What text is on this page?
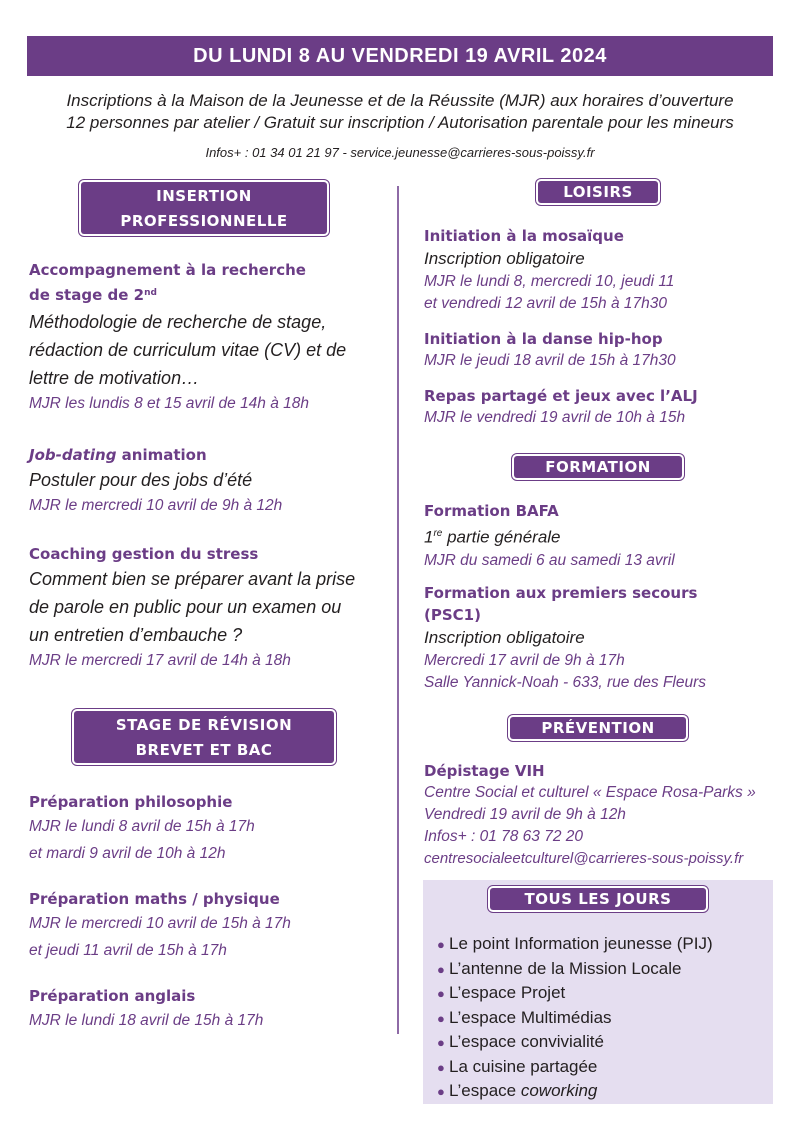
DU LUNDI 8 AU VENDREDI 19 AVRIL 2024
Inscriptions à la Maison de la Jeunesse et de la Réussite (MJR) aux horaires d’ouverture
12 personnes par atelier / Gratuit sur inscription / Autorisation parentale pour les mineurs
Infos+ : 01 34 01 21 97 - service.jeunesse@carrieres-sous-poissy.fr
INSERTION
PROFESSIONNELLE
Accompagnement à la recherche
de stage de 2nd
Méthodologie de recherche de stage,
rédaction de curriculum vitae (CV) et de
lettre de motivation…
MJR les lundis 8 et 15 avril de 14h à 18h
Job-dating animation
Postuler pour des jobs d’été
MJR le mercredi 10 avril de 9h à 12h
Coaching gestion du stress
Comment bien se préparer avant la prise
de parole en public pour un examen ou
un entretien d’embauche ?
MJR le mercredi 17 avril de 14h à 18h
STAGE DE RÉVISION
BREVET ET BAC
Préparation philosophie
MJR le lundi 8 avril de 15h à 17h
et mardi 9 avril de 10h à 12h
Préparation maths / physique
MJR le mercredi 10 avril de 15h à 17h
et jeudi 11 avril de 15h à 17h
Préparation anglais
MJR le lundi 18 avril de 15h à 17h
LOISIRS
Initiation à la mosaïque
Inscription obligatoire
MJR le lundi 8, mercredi 10, jeudi 11
et vendredi 12 avril de 15h à 17h30
Initiation à la danse hip-hop
MJR le jeudi 18 avril de 15h à 17h30
Repas partagé et jeux avec l’ALJ
MJR le vendredi 19 avril de 10h à 15h
FORMATION
Formation BAFA
1re partie générale
MJR du samedi 6 au samedi 13 avril
Formation aux premiers secours
(PSC1)
Inscription obligatoire
Mercredi 17 avril de 9h à 17h
Salle Yannick-Noah - 633, rue des Fleurs
PRÉVENTION
Dépistage VIH
Centre Social et culturel « Espace Rosa-Parks »
Vendredi 19 avril de 9h à 12h
Infos+ : 01 78 63 72 20
centresocialeetculturel@carrieres-sous-poissy.fr
TOUS LES JOURS
● Le point Information jeunesse (PIJ)
● L’antenne de la Mission Locale
● L’espace Projet
● L’espace Multimédias
● L’espace convivialité
● La cuisine partagée
● L’espace coworking
